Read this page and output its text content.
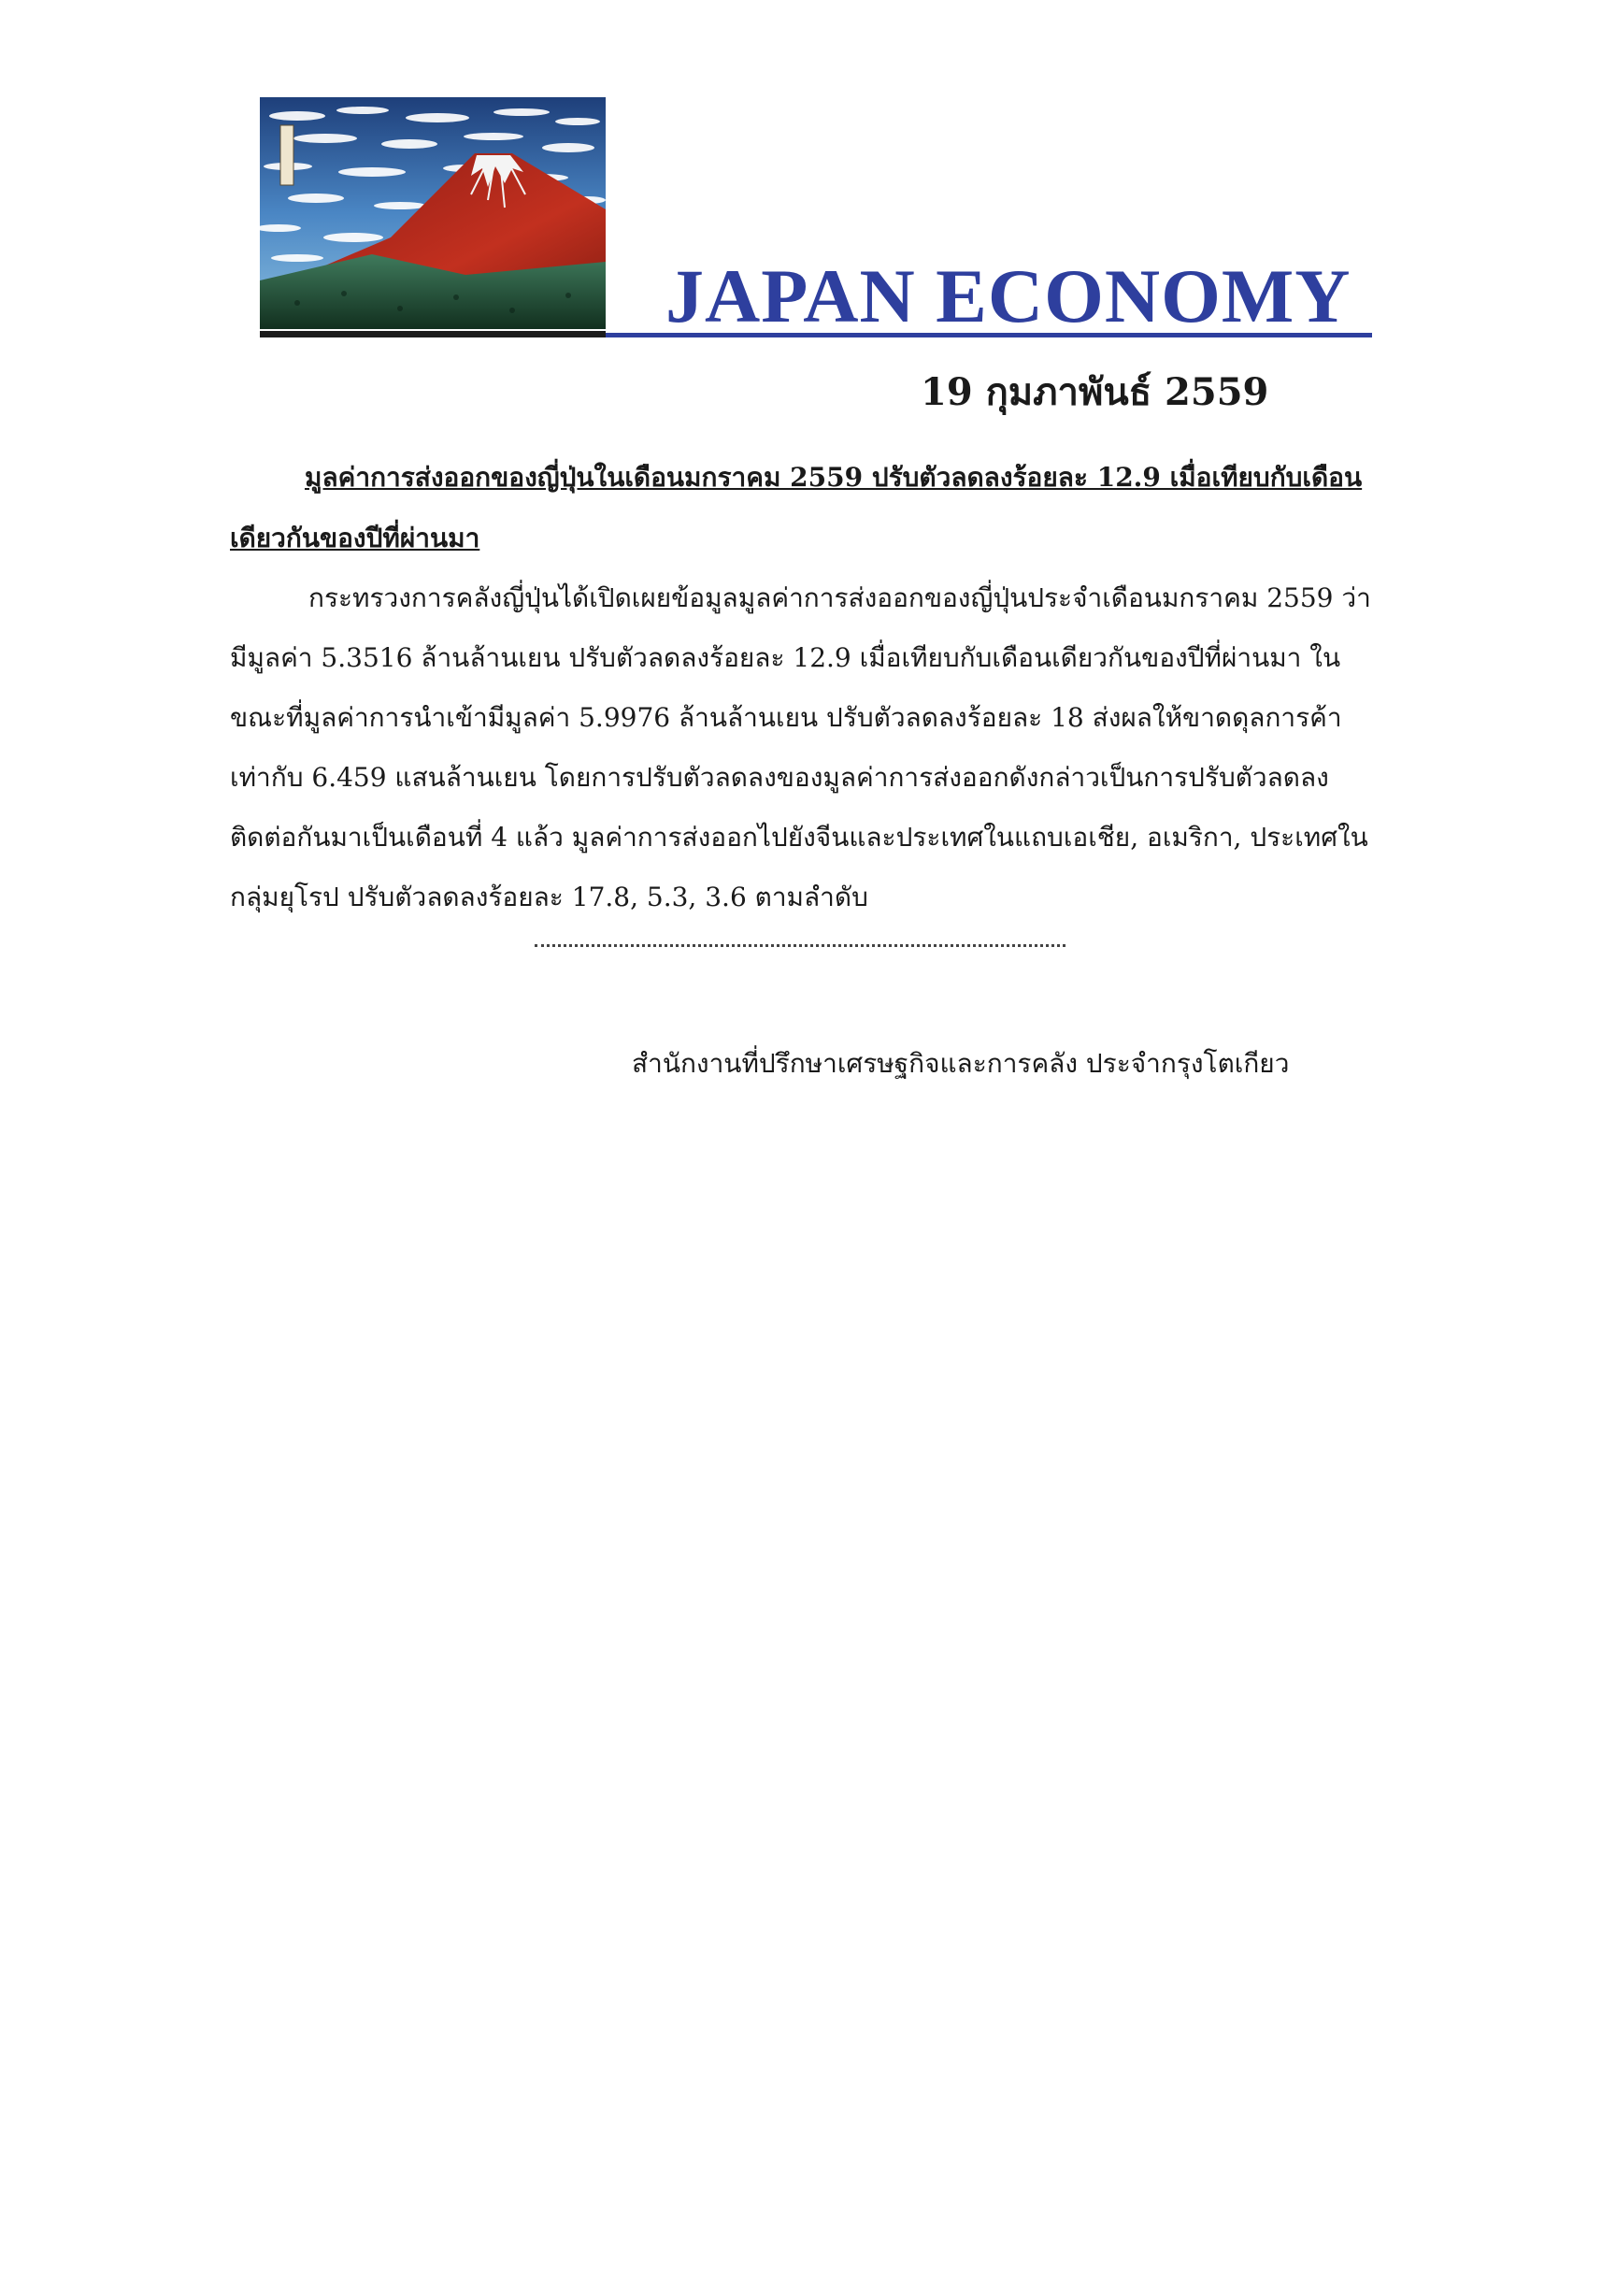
JAPAN ECONOMY
19 กุมภาพันธ์ 2559
มูลค่าการส่งออกของญี่ปุ่นในเดือนมกราคม 2559 ปรับตัวลดลงร้อยละ 12.9 เมื่อเทียบกับเดือนเดียวกันของปีที่ผ่านมา
กระทรวงการคลังญี่ปุ่นได้เปิดเผยข้อมูลมูลค่าการส่งออกของญี่ปุ่นประจำเดือนมกราคม 2559 ว่า มีมูลค่า 5.3516 ล้านล้านเยน ปรับตัวลดลงร้อยละ 12.9 เมื่อเทียบกับเดือนเดียวกันของปีที่ผ่านมา ในขณะที่มูลค่าการนำเข้ามีมูลค่า 5.9976 ล้านล้านเยน ปรับตัวลดลงร้อยละ 18 ส่งผลให้ขาดดุลการค้าเท่ากับ 6.459 แสนล้านเยน โดยการปรับตัวลดลงของมูลค่าการส่งออกดังกล่าวเป็นการปรับตัวลดลงติดต่อกันมาเป็นเดือนที่ 4 แล้ว มูลค่าการส่งออกไปยังจีนและประเทศในแถบเอเชีย, อเมริกา, ประเทศในกลุ่มยุโรป ปรับตัวลดลงร้อยละ 17.8, 5.3, 3.6 ตามลำดับ
สำนักงานที่ปรึกษาเศรษฐกิจและการคลัง ประจำกรุงโตเกียว
